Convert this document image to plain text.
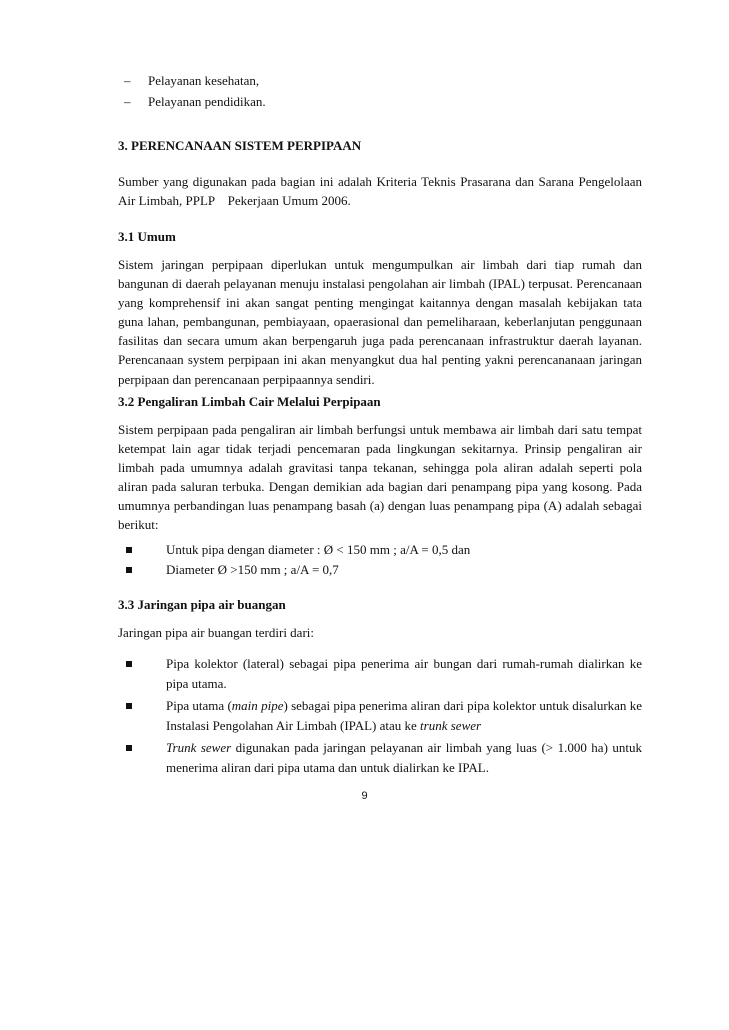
–	Pelayanan kesehatan,
–	Pelayanan pendidikan.

3. PERENCANAAN SISTEM PERPIPAAN

Sumber yang digunakan pada bagian ini adalah Kriteria Teknis Prasarana dan Sarana Pengelolaan Air Limbah, PPLP    Pekerjaan Umum 2006.

3.1 Umum

Sistem jaringan perpipaan diperlukan untuk mengumpulkan air limbah dari tiap rumah dan bangunan di daerah pelayanan menuju instalasi pengolahan air limbah (IPAL) terpusat. Perencanaan yang komprehensif ini akan sangat penting mengingat kaitannya dengan masalah kebijakan tata guna lahan, pembangunan, pembiayaan, opaerasional dan pemeliharaan, keberlanjutan penggunaan fasilitas dan secara umum akan berpengaruh juga pada perencanaan infrastruktur daerah layanan. Perencanaan system perpipaan ini akan menyangkut dua hal penting yakni perencananaan jaringan perpipaan dan perencanaan perpipaannya sendiri.

3.2 Pengaliran Limbah Cair Melalui Perpipaan

Sistem perpipaan pada pengaliran air limbah berfungsi untuk membawa air limbah dari satu tempat ketempat lain agar tidak terjadi pencemaran pada lingkungan sekitarnya. Prinsip pengaliran air limbah pada umumnya adalah gravitasi tanpa tekanan, sehingga pola aliran adalah seperti pola aliran pada saluran terbuka. Dengan demikian ada bagian dari penampang pipa yang kosong. Pada umumnya perbandingan luas penampang basah (a) dengan luas penampang pipa (A) adalah sebagai berikut:

Untuk pipa dengan diameter : Ø < 150 mm ; a/A = 0,5 dan
Diameter Ø >150 mm ; a/A = 0,7

3.3 Jaringan pipa air buangan

Jaringan pipa air buangan terdiri dari:

Pipa kolektor (lateral) sebagai pipa penerima air bungan dari rumah-rumah dialirkan ke pipa utama.
Pipa utama (main pipe) sebagai pipa penerima aliran dari pipa kolektor untuk disalurkan ke Instalasi Pengolahan Air Limbah (IPAL) atau ke trunk sewer
Trunk sewer digunakan pada jaringan pelayanan air limbah yang luas (> 1.000 ha) untuk menerima aliran dari pipa utama dan untuk dialirkan ke IPAL.
9
